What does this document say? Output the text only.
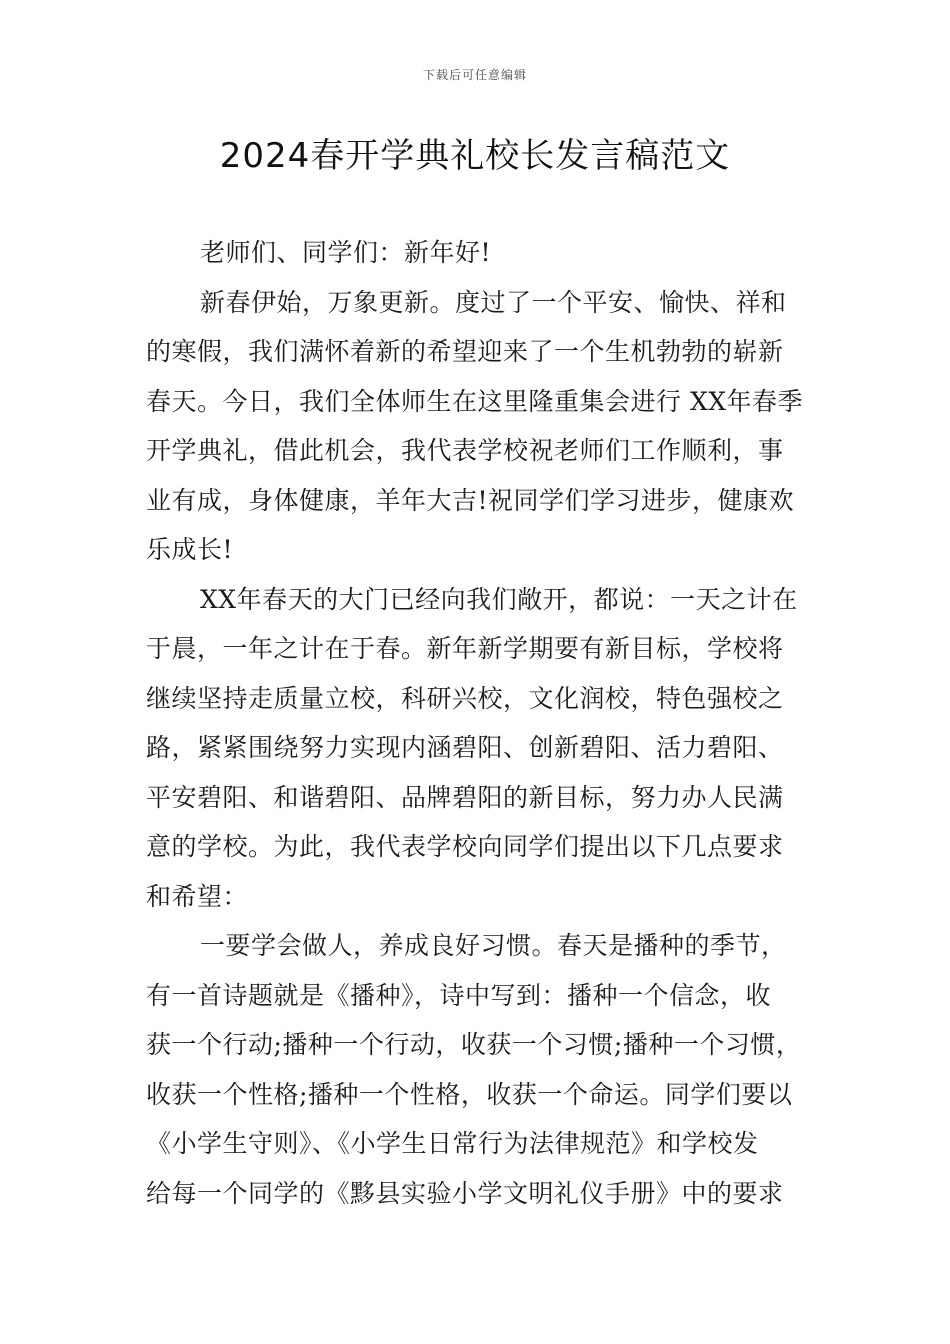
下载后可任意编辑
2024春开学典礼校长发言稿范文
老师们、同学们：新年好!
新春伊始，万象更新。度过了一个平安、愉快、祥和
的寒假，我们满怀着新的希望迎来了一个生机勃勃的崭新
春天。今日，我们全体师生在这里隆重集会进行 XX年春季
开学典礼，借此机会，我代表学校祝老师们工作顺利，事
业有成，身体健康，羊年大吉!祝同学们学习进步，健康欢
乐成长!
XX年春天的大门已经向我们敞开，都说：一天之计在
于晨，一年之计在于春。新年新学期要有新目标，学校将
继续坚持走质量立校，科研兴校，文化润校，特色强校之
路，紧紧围绕努力实现内涵碧阳、创新碧阳、活力碧阳、
平安碧阳、和谐碧阳、品牌碧阳的新目标，努力办人民满
意的学校。为此，我代表学校向同学们提出以下几点要求
和希望：
一要学会做人，养成良好习惯。春天是播种的季节，
有一首诗题就是《播种》，诗中写到：播种一个信念，收
获一个行动;播种一个行动，收获一个习惯;播种一个习惯，
收获一个性格;播种一个性格，收获一个命运。同学们要以
《小学生守则》、《小学生日常行为法律规范》和学校发
给每一个同学的《黟县实验小学文明礼仪手册》中的要求
